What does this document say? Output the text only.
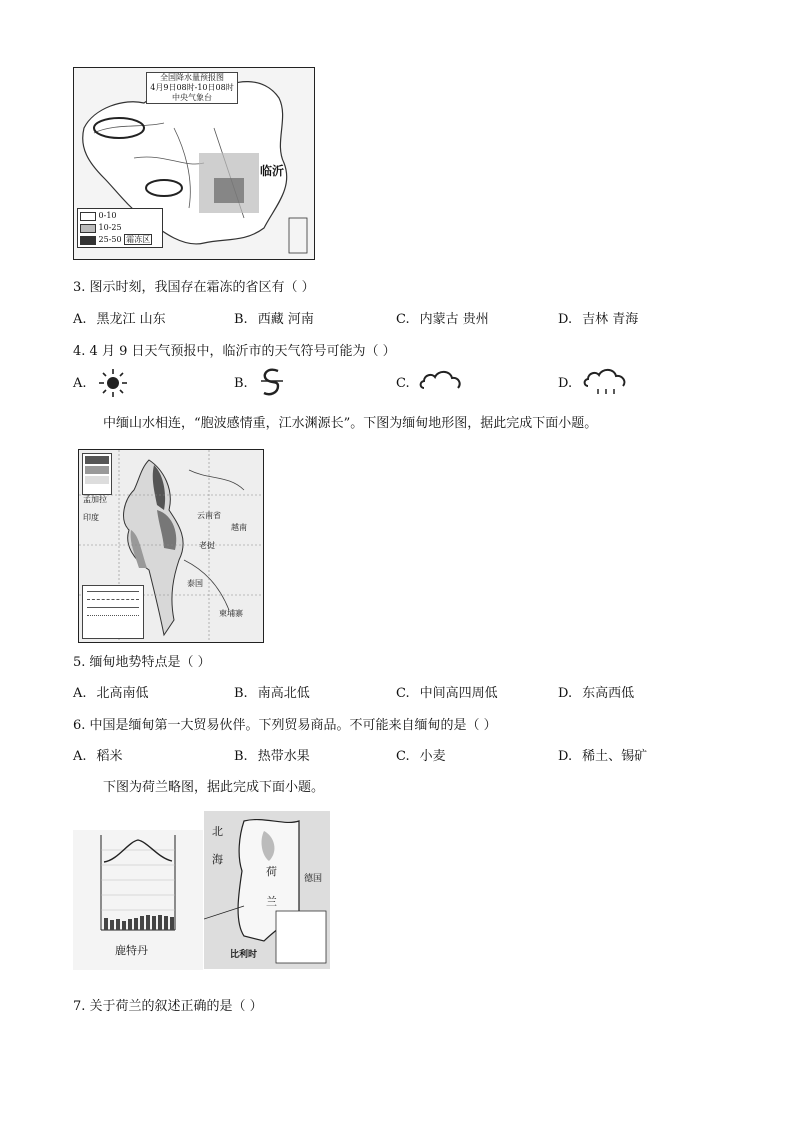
全国降水量预报图
4月9日08时-10日08时
中央气象台
临沂
0-10
10-25
25-50 霜冻区
3. 图示时刻，我国存在霜冻的省区有（ ）
A. 黑龙江 山东	B. 西藏 河南	C. 内蒙古 贵州	D. 吉林 青海
4. 4 月 9 日天气预报中，临沂市的天气符号可能为（ ）
A.	B.	C.	D.
中缅山水相连，“胞波感情重，江水渊源长”。下图为缅甸地形图，据此完成下面小题。
云南省
越南
老挝
泰国
印度
孟加拉
柬埔寨
5. 缅甸地势特点是（ ）
A. 北高南低	B. 南高北低	C. 中间高四周低	D. 东高西低
6. 中国是缅甸第一大贸易伙伴。下列贸易商品。不可能来自缅甸的是（ ）
A. 稻米	B. 热带水果	C. 小麦	D. 稀土、锡矿
下图为荷兰略图，据此完成下面小题。
鹿特丹
北
海
荷
兰
德国
比利时
7. 关于荷兰的叙述正确的是（ ）
